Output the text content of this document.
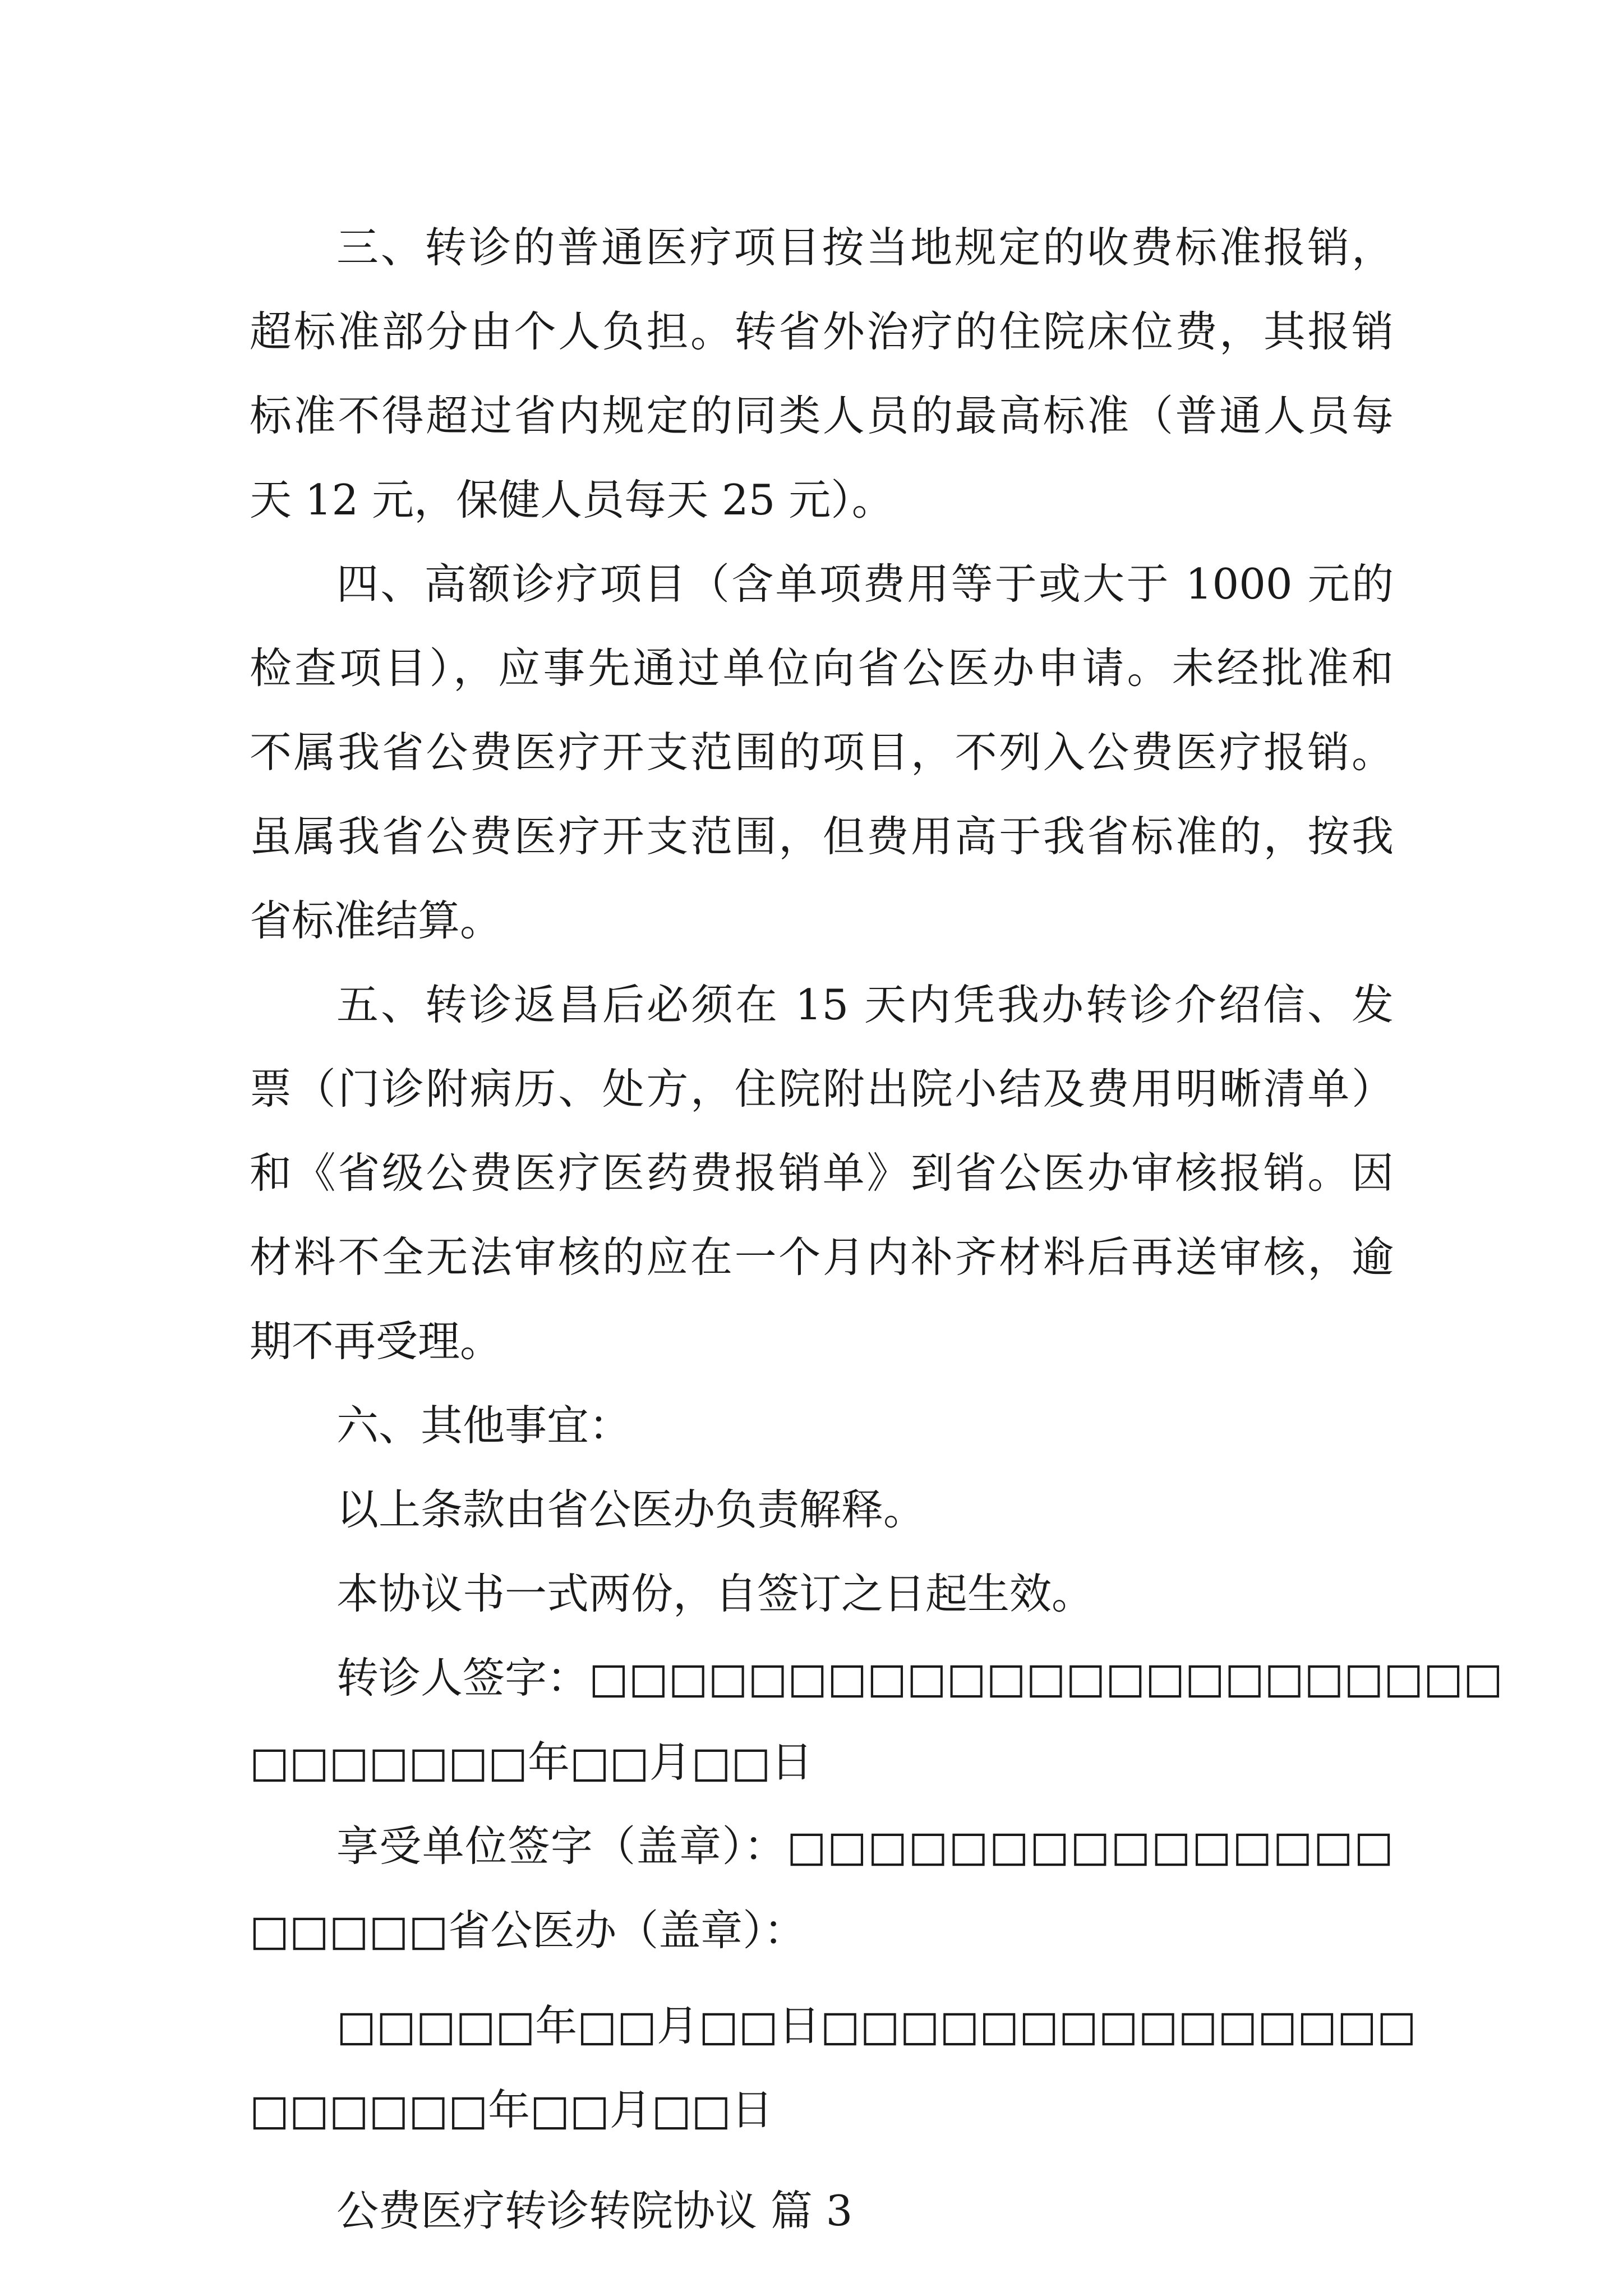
三、转诊的普通医疗项目按当地规定的收费标准报销，
超标准部分由个人负担。转省外治疗的住院床位费，其报销
标准不得超过省内规定的同类人员的最高标准（普通人员每
天 12 元，保健人员每天 25 元）。
四、高额诊疗项目（含单项费用等于或大于 1000 元的
检查项目），应事先通过单位向省公医办申请。未经批准和
不属我省公费医疗开支范围的项目，不列入公费医疗报销。
虽属我省公费医疗开支范围，但费用高于我省标准的，按我
省标准结算。
五、转诊返昌后必须在 15 天内凭我办转诊介绍信、发
票（门诊附病历、处方，住院附出院小结及费用明晰清单）
和《省级公费医疗医药费报销单》到省公医办审核报销。因
材料不全无法审核的应在一个月内补齐材料后再送审核，逾
期不再受理。
六、其他事宜：
以上条款由省公医办负责解释。
本协议书一式两份，自签订之日起生效。
转诊人签字：□□□□□□□□□□□□□□□□□□□□□□□
□□□□□□□年□□月□□日
享受单位签字（盖章）：□□□□□□□□□□□□□□□
□□□□□省公医办（盖章）：
□□□□□年□□月□□日□□□□□□□□□□□□□□□
□□□□□□年□□月□□日
公费医疗转诊转院协议 篇 3
